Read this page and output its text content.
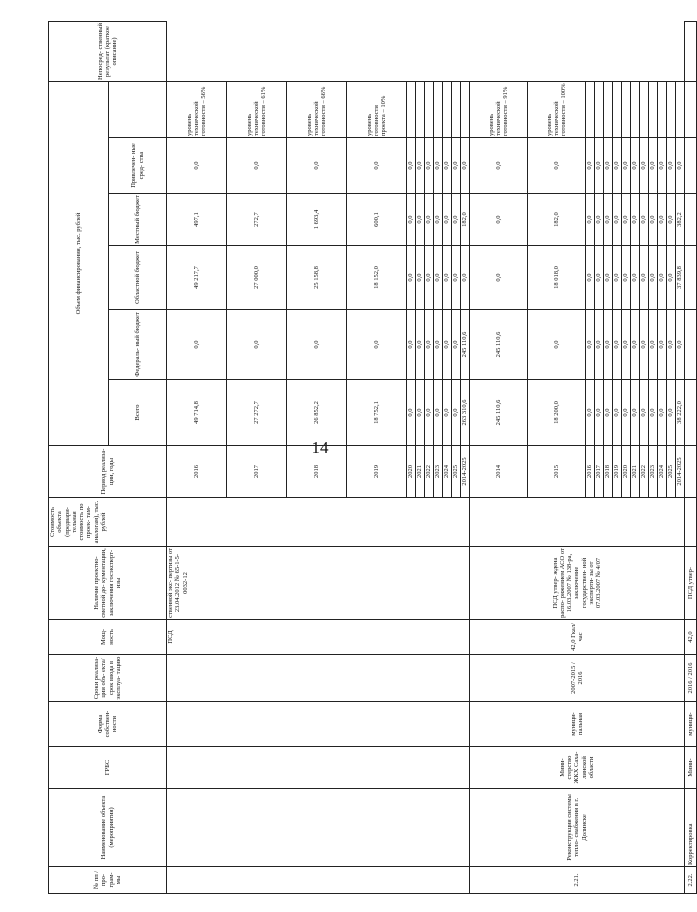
14
№ пп / про- грам- мы	Наименование объекта (мероприятия)	ГРБС	Форма собствен- ности	Сроки реализа- ции объ- екта/срок ввода в эксплуа- тацию	Мощ- ность	Наличие проектно- сметной до- кументации, заключения госэксперт- изы	Стоимость объекта (предвари- тельная стоимость по проек- там- аналогам), тыс. рублей	Период реализа- ции, годы	Объем финансирования, тыс. рублей						Непосред- ственный результат (краткое описание)
									Всего	Федераль- ный бюджет	Областной бюджет	Местный бюджет	Привлечен- ные сред- ства		
					ПСД	ственной экс- пертизы от 23.04.2012 № 65-1-5-0032-12		2016	49 714,8	0,0	49 217,7	497,1	0,0	уровень технической готовности – 56%	
								2017	27 272,7	0,0	27 000,0	272,7	0,0	уровень технической готовности – 61%	
								2018	26 852,2	0,0	25 158,8	1 693,4	0,0	уровень технической готовности – 66%	
								2019	18 752,1	0,0	18 152,0	600,1	0,0	уровень готовности проекта – 10%	
								2020	0,0	0,0	0,0	0,0	0,0		
								2021	0,0	0,0	0,0	0,0	0,0		
								2022	0,0	0,0	0,0	0,0	0,0		
								2023	0,0	0,0	0,0	0,0	0,0		
								2024	0,0	0,0	0,0	0,0	0,0		
								2025	0,0	0,0	0,0	0,0	0,0		
								2014-2025	263 310,6	245 110,6	0,0	182,0	0,0		
2.21.	Реконструкция системы тепло- снабжения в г. Долинске	Мини- стерство ЖКХ Саха- линской области	муници- пальная	2007-2015 / 2016	42,0 Гкал/час	ПСД утвер- ждена распо- ряжением АСО от 16.03.2007 № 138-ра, заключение государствен- ной эксперти- зы от 07.03.2007 № 4/07		2014	245 110,6	245 110,6	0,0	0,0	0,0	уровень технической готовности – 91%	
								2015	18 200,0	0,0	18 018,0	182,0	0,0	уровень технической готовности – 100%	
								2016	0,0	0,0	0,0	0,0	0,0		
								2017	0,0	0,0	0,0	0,0	0,0		
								2018	0,0	0,0	0,0	0,0	0,0		
								2019	0,0	0,0	0,0	0,0	0,0		
								2020	0,0	0,0	0,0	0,0	0,0		
								2021	0,0	0,0	0,0	0,0	0,0		
								2022	0,0	0,0	0,0	0,0	0,0		
								2023	0,0	0,0	0,0	0,0	0,0		
								2024	0,0	0,0	0,0	0,0	0,0		
								2025	0,0	0,0	0,0	0,0	0,0		
								2014-2025	38 222,0	0,0	37 839,8	382,2	0,0		
2.22.	Корректировка	Мини-	муници-	2016 / 2016	42,0	ПСД утвер-									
